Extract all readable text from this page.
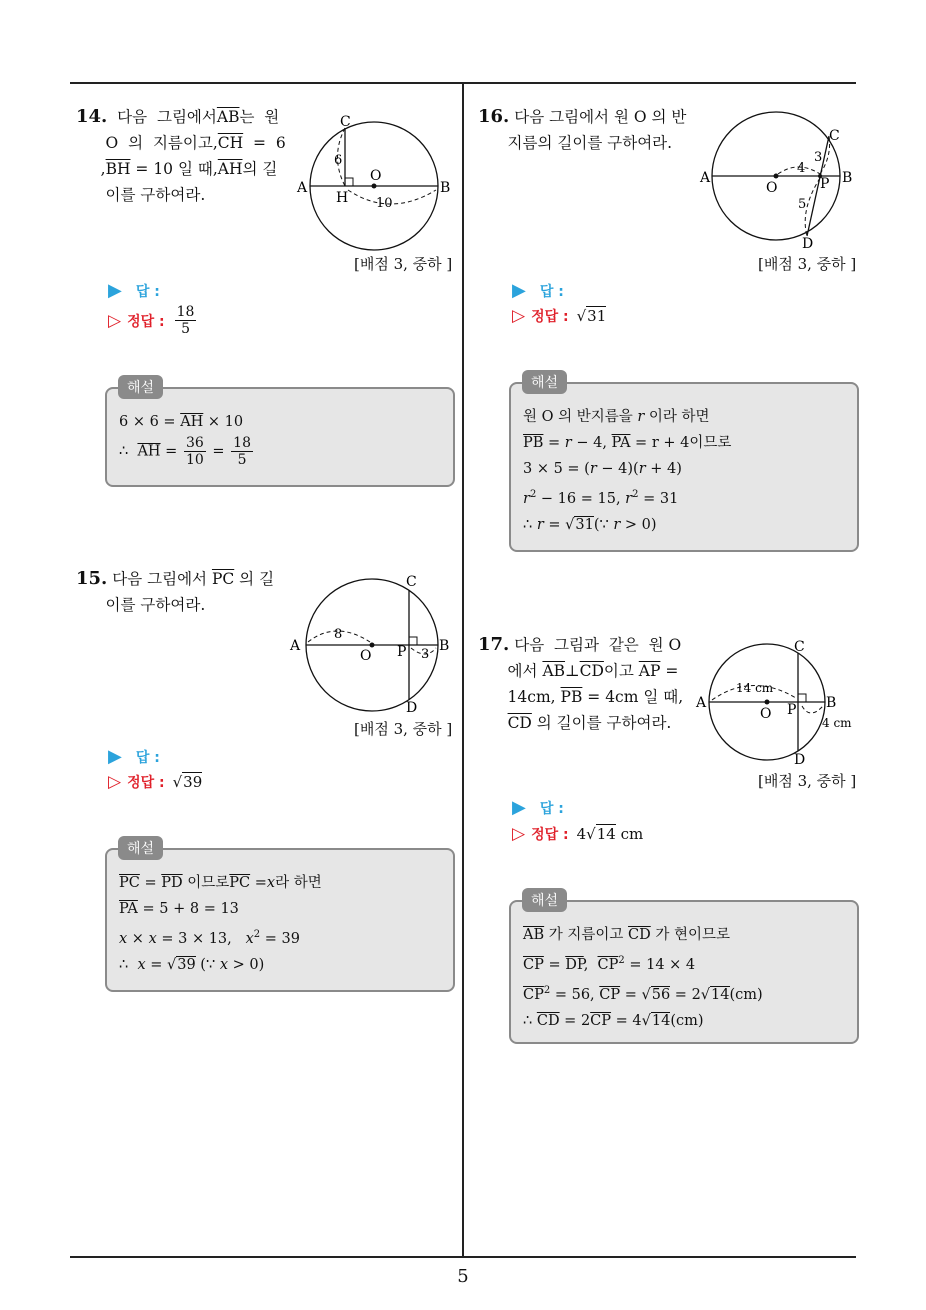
14.  다음  그림에서$\overline{AB}$는  원
O  의  지름이고$,\overline{CH} = 6$
$,\overline{BH} = 10$ 일 때$,\overline{AH}$의 길
이를 구하여라.
C
A	B
O
H
6
10
[배점 3, 중하 ]
▶ 답 :
▷ 정답 : $\frac{18}{5}$
$6 \times 6 = \overline{AH} \times 10$
∴  $\overline{AH} = \frac{36}{10} = \frac{18}{5}$
해설
15. 다음 그림에서 $\overline{PC}$ 의 길
이를 구하여라.
C
A	B
O P
D
8
3
[배점 3, 중하 ]
▶ 답 :
▷ 정답 : √39
$\overline{PC} = \overline{PD}$ 이므로$\overline{PC} =x$라 하면
$\overline{PA} = 5 + 8 = 13$
x × x = 3 × 13,   $x^2 = 39$
∴  x = √39 (∵ x > 0)
해설
16. 다음 그림에서 원 O 의 반
지름의 길이를 구하여라.	C
A	B
O	P
D
4
3
5
[배점 3, 중하 ]
▶ 답 :
▷ 정답 : √31
원 O 의 반지름을 r 이라 하면
$\overline{PB} = r - 4$, $\overline{PA} = r + 4$이므로
3 × 5 = (r − 4)(r + 4)
$r^2 - 16 = 15$, $r^2 = 31$
∴ r = √31(∵ r > 0)
해설
17. 다음  그림과  같은  원 O
에서 $\overline{AB}\perp\overline{CD}$이고 $\overline{AP}$ =
14cm, $\overline{PB} = 4cm$ 일 때,
$\overline{CD}$ 의 길이를 구하여라.
C
A	B
O P
D
14 cm
4 cm
[배점 3, 중하 ]
▶ 답 :
▷ 정답 : 4√14 cm
$\overline{AB}$ 가 지름이고 $\overline{CD}$ 가 현이므로
$\overline{CP} = \overline{DP}$,  $\overline{CP}^2 = 14 \times 4$
$\overline{CP}^2 = 56$, $\overline{CP} = √56 = 2√14(cm)$
∴ $\overline{CD} = 2\overline{CP} = 4√14(cm)$
해설
5
